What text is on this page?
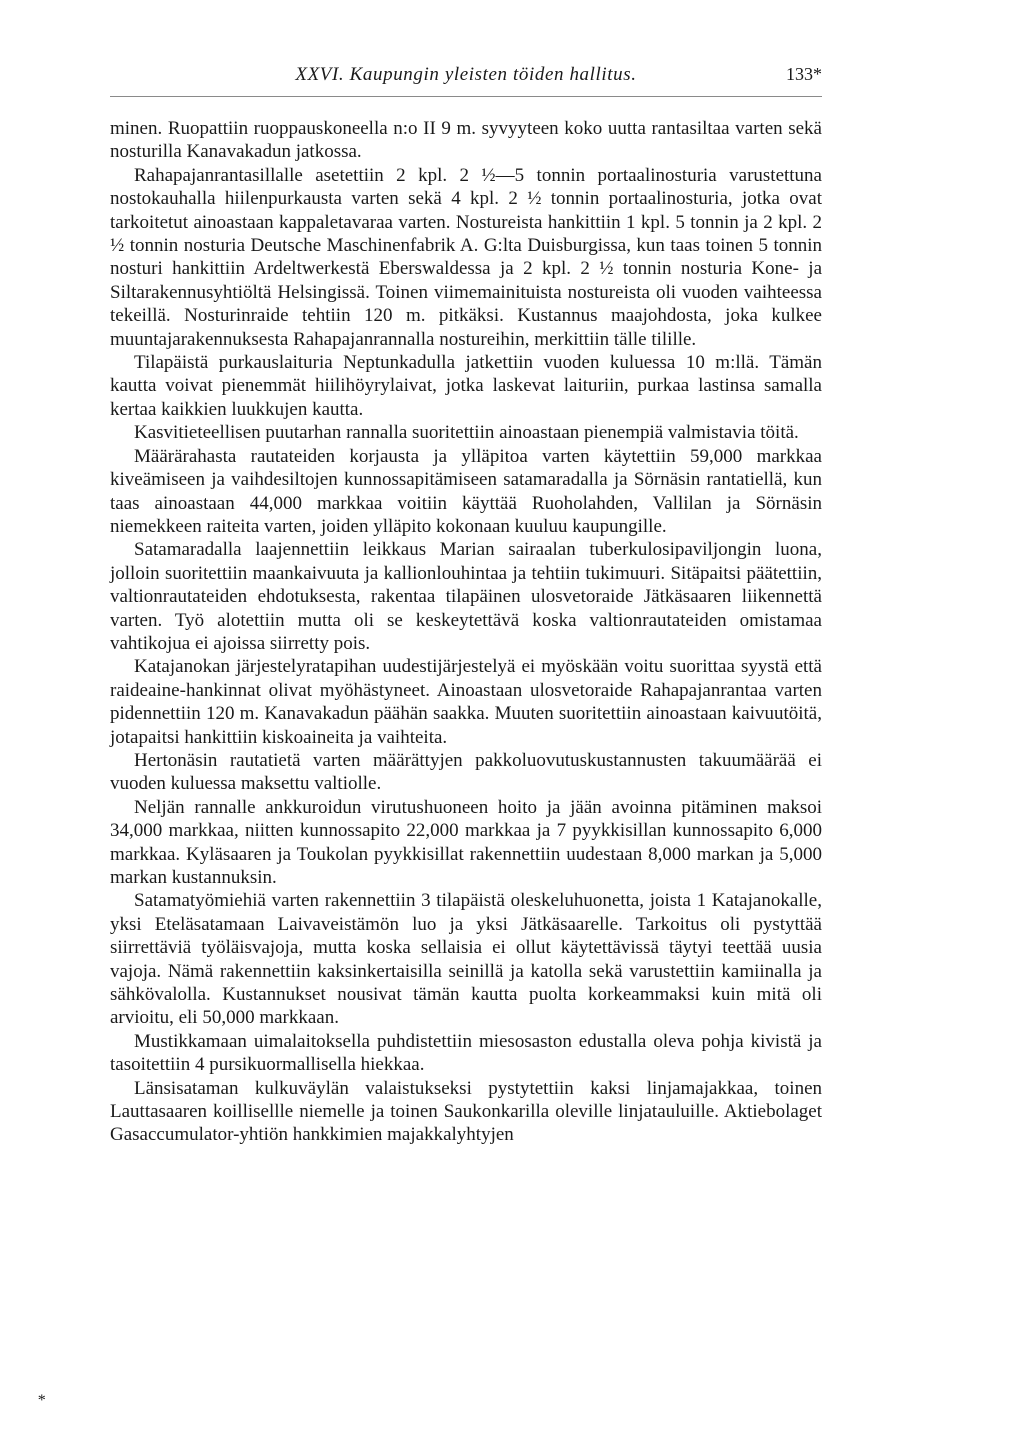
XXVI. Kaupungin yleisten töiden hallitus.	133*

minen. Ruopattiin ruoppauskoneella n:o II 9 m. syvyyteen koko uutta rantasiltaa varten sekä nosturilla Kanavakadun jatkossa.

Rahapajanrantasillalle asetettiin 2 kpl. 2 ½—5 tonnin portaalinosturia varustettuna nostokauhalla hiilenpurkausta varten sekä 4 kpl. 2 ½ tonnin portaalinosturia, jotka ovat tarkoitetut ainoastaan kappaletavaraa varten. Nostureista hankittiin 1 kpl. 5 tonnin ja 2 kpl. 2 ½ tonnin nosturia Deutsche Maschinenfabrik A. G:lta Duisburgissa, kun taas toinen 5 tonnin nosturi hankittiin Ardeltwerkestä Eberswaldessa ja 2 kpl. 2 ½ tonnin nosturia Kone- ja Siltarakennusyhtiöltä Helsingissä. Toinen viimemainituista nostureista oli vuoden vaihteessa tekeillä. Nosturinraide tehtiin 120 m. pitkäksi. Kustannus maajohdosta, joka kulkee muuntajarakennuksesta Rahapajanrannalla nostureihin, merkittiin tälle tilille.

Tilapäistä purkauslaituria Neptunkadulla jatkettiin vuoden kuluessa 10 m:llä. Tämän kautta voivat pienemmät hiilihöyrylaivat, jotka laskevat laituriin, purkaa lastinsa samalla kertaa kaikkien luukkujen kautta.

Kasvitieteellisen puutarhan rannalla suoritettiin ainoastaan pienempiä valmistavia töitä.

Määrärahasta rautateiden korjausta ja ylläpitoa varten käytettiin 59,000 markkaa kiveämiseen ja vaihdesiltojen kunnossapitämiseen satamaradalla ja Sörnäsin rantatiellä, kun taas ainoastaan 44,000 markkaa voitiin käyttää Ruoholahden, Vallilan ja Sörnäsin niemekkeen raiteita varten, joiden ylläpito kokonaan kuuluu kaupungille.

Satamaradalla laajennettiin leikkaus Marian sairaalan tuberkulosipaviljongin luona, jolloin suoritettiin maankaivuuta ja kallionlouhintaa ja tehtiin tukimuuri. Sitäpaitsi päätettiin, valtionrautateiden ehdotuksesta, rakentaa tilapäinen ulosvetoraide Jätkäsaaren liikennettä varten. Työ alotettiin mutta oli se keskeytettävä koska valtionrautateiden omistamaa vahtikojua ei ajoissa siirretty pois.

Katajanokan järjestelyratapihan uudestijärjestelyä ei myöskään voitu suorittaa syystä että raideaine-hankinnat olivat myöhästyneet. Ainoastaan ulosvetoraide Rahapajanrantaa varten pidennettiin 120 m. Kanavakadun päähän saakka. Muuten suoritettiin ainoastaan kaivuutöitä, jotapaitsi hankittiin kiskoaineita ja vaihteita.

Hertonäsin rautatietä varten määrättyjen pakkoluovutuskustannusten takuumäärää ei vuoden kuluessa maksettu valtiolle.

Neljän rannalle ankkuroidun virutushuoneen hoito ja jään avoinna pitäminen maksoi 34,000 markkaa, niitten kunnossapito 22,000 markkaa ja 7 pyykkisillan kunnossapito 6,000 markkaa. Kyläsaaren ja Toukolan pyykkisillat rakennettiin uudestaan 8,000 markan ja 5,000 markan kustannuksin.

Satamatyömiehiä varten rakennettiin 3 tilapäistä oleskeluhuonetta, joista 1 Katajanokalle, yksi Eteläsatamaan Laivaveistämön luo ja yksi Jätkäsaarelle. Tarkoitus oli pystyttää siirrettäviä työläisvajoja, mutta koska sellaisia ei ollut käytettävissä täytyi teettää uusia vajoja. Nämä rakennettiin kaksinkertaisilla seinillä ja katolla sekä varustettiin kamiinalla ja sähkövalolla. Kustannukset nousivat tämän kautta puolta korkeammaksi kuin mitä oli arvioitu, eli 50,000 markkaan.

Mustikkamaan uimalaitoksella puhdistettiin miesosaston edustalla oleva pohja kivistä ja tasoitettiin 4 pursikuormallisella hiekkaa.

Länsisataman kulkuväylän valaistukseksi pystytettiin kaksi linjamajakkaa, toinen Lauttasaaren koillisellle niemelle ja toinen Saukonkarilla oleville linjatauluille. Aktiebolaget Gasaccumulator-yhtiön hankkimien majakkalyhtyjen

*
